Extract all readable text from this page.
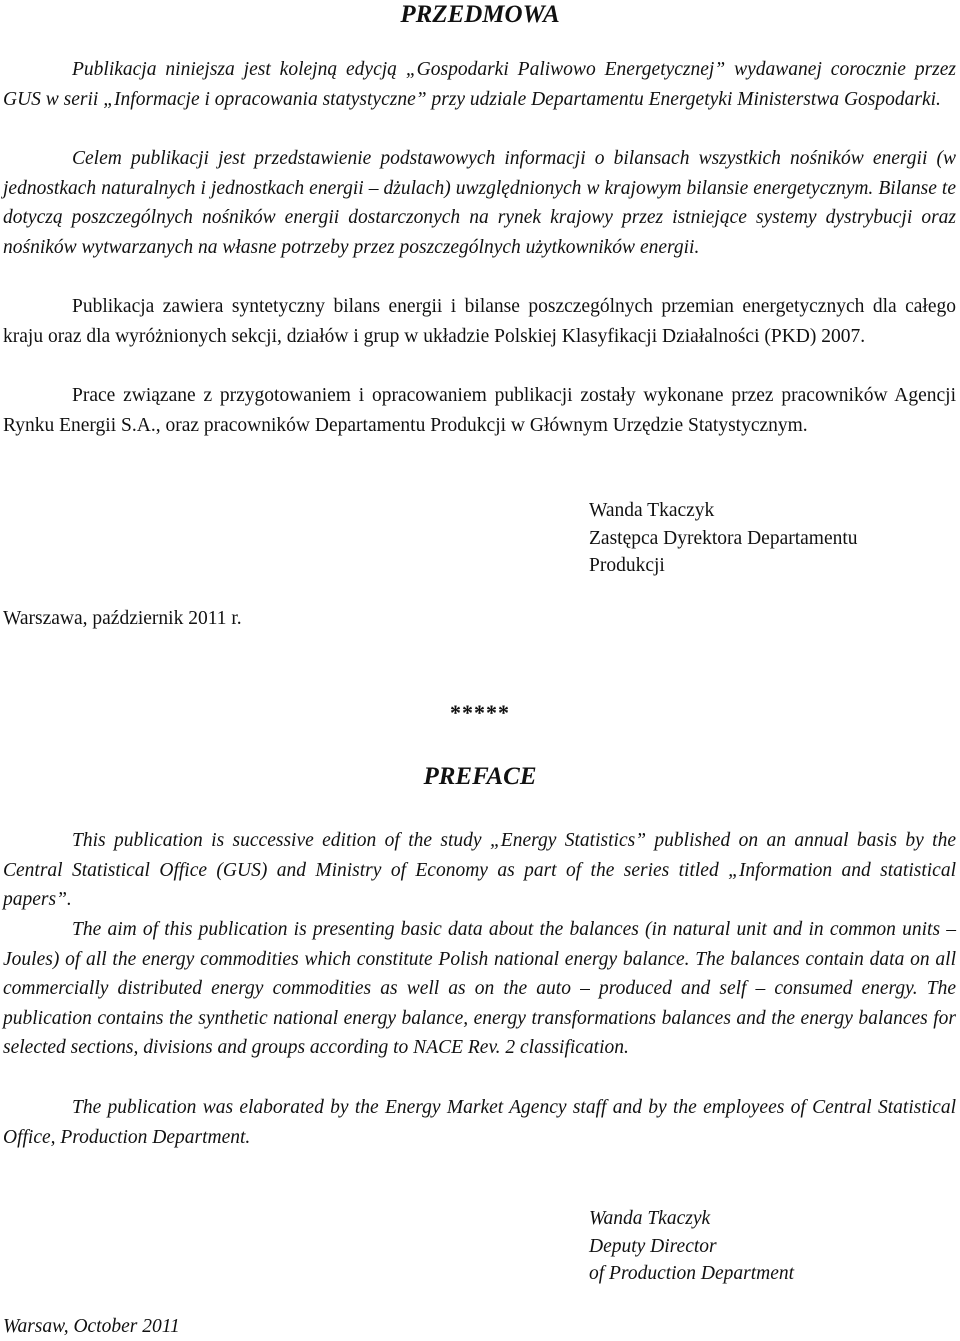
PRZEDMOWA

Publikacja niniejsza jest kolejną edycją „Gospodarki Paliwowo Energetycznej” wydawanej corocznie przez GUS w serii „Informacje i opracowania statystyczne” przy udziale Departamentu Energetyki Ministerstwa Gospodarki.

Celem publikacji jest przedstawienie podstawowych informacji o bilansach wszystkich nośników energii (w jednostkach naturalnych i jednostkach energii – dżulach) uwzględnionych w krajowym bilansie energetycznym. Bilanse te dotyczą poszczególnych nośników energii dostarczonych na rynek krajowy przez istniejące systemy dystrybucji oraz nośników wytwarzanych na własne potrzeby przez poszczególnych użytkowników energii.

Publikacja zawiera syntetyczny bilans energii i bilanse poszczególnych przemian energetycznych dla całego kraju oraz dla wyróżnionych sekcji, działów i grup w układzie Polskiej Klasyfikacji Działalności (PKD) 2007.

Prace związane z przygotowaniem i opracowaniem publikacji zostały wykonane przez pracowników Agencji Rynku Energii S.A., oraz pracowników Departamentu Produkcji w Głównym Urzędzie Statystycznym.

Wanda Tkaczyk
Zastępca Dyrektora Departamentu
Produkcji
Warszawa, październik 2011 r.
*****
PREFACE

This publication is successive edition of the study „Energy Statistics” published on an annual basis by the Central Statistical Office (GUS) and Ministry of Economy as part of the series titled „Information and statistical papers”.

The aim of this publication is presenting basic data about the balances (in natural unit and in common units – Joules) of all the energy commodities which constitute Polish national energy balance. The balances contain data on all commercially distributed energy commodities as well as on the auto – produced and self – consumed energy. The publication contains the synthetic national energy balance, energy transformations balances and the energy balances for selected sections, divisions and groups according to NACE Rev. 2 classification.

The publication was elaborated by the Energy Market Agency staff and by the employees of Central Statistical Office, Production Department.

Wanda Tkaczyk
Deputy Director
of Production Department
Warsaw, October 2011
